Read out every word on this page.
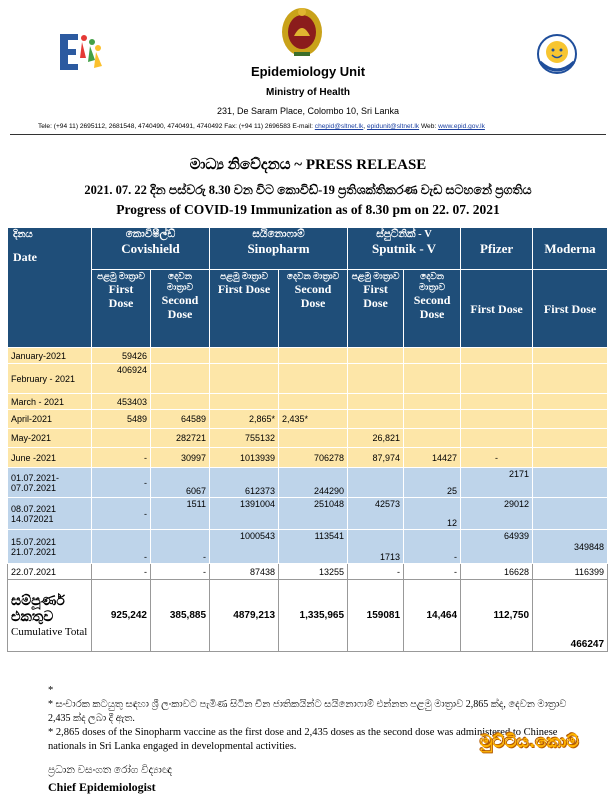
Epidemiology Unit
Ministry of Health
231, De Saram Place, Colombo 10, Sri Lanka
Tele: (+94 11) 2695112, 2681548, 4740490, 4740491, 4740492 Fax: (+94 11) 2696583 E-mail: chepid@sltnet.lk, epidunit@sltnet.lk Web: www.epid.gov.lk
මාධ්‍ය නිවේදනය ~ PRESS RELEASE
2021. 07. 22 දින පස්වරු 8.30 වන විට කොවිඩ්-19 ප්‍රතිශක්තිකරණ වැඩ සටහනේ ප්‍රගතිය
Progress of COVID-19 Immunization as of 8.30 pm on 22. 07. 2021
දිනය

Date	කොවිෂීල්ඩ්
Covishield		සයිනොෆාම්
Sinopharm		ස්පුට්නික් - V
Sputnik - V		Pfizer	Moderna

	පළමු මාත්‍රාව
First Dose	දෙවන මාත්‍රාව
Second Dose	පළමු මාත්‍රාව
First Dose	දෙවන මාත්‍රාව
Second Dose	පළමු මාත්‍රාව
First Dose	දෙවන මාත්‍රාව
Second Dose	First Dose	First Dose

January-2021	59426							
February - 2021	406924							
March - 2021	453403							
April-2021	5489	64589	2,865*	2,435*				
May-2021		282721	755132		26,821			
June -2021	-	30997	1013939	706278	87,974	14427	-	
01.07.2021-07.07.2021	-	6067	612373	244290		25	2171	
08.07.2021 14.072021	-	1511	1391004	251048	42573	12	29012	
15.07.2021 21.07.2021	-	-	1000543	113541	1713	-	64939	349848
22.07.2021	-	-	87438	13255	-	-	16628	116399

සම්පූර්ණ එකතුව
Cumulative Total	925,242	385,885	4879,213	1,335,965	159081	14,464	112,750	466247
*
* සංචාරක කටයුතු සඳහා ශ්‍රී ලංකාවට පැමිණ සිටින චීන ජාතිකයින්ට සයිනොෆාම් එන්නත පළමු මාත්‍රාව 2,865 ක්ද, දෙවන මාත්‍රාව 2,435 ක්ද ලබා දී ඇත.
* 2,865 doses of the Sinopharm vaccine as the first dose and 2,435 doses as the second dose was administered to Chinese nationals in Sri Lanka engaged in developmental activities.
ප්‍රධාන වසංගත රෝග විද්‍යාඥ
Chief Epidemiologist
මුට්ටිය.කොම්
